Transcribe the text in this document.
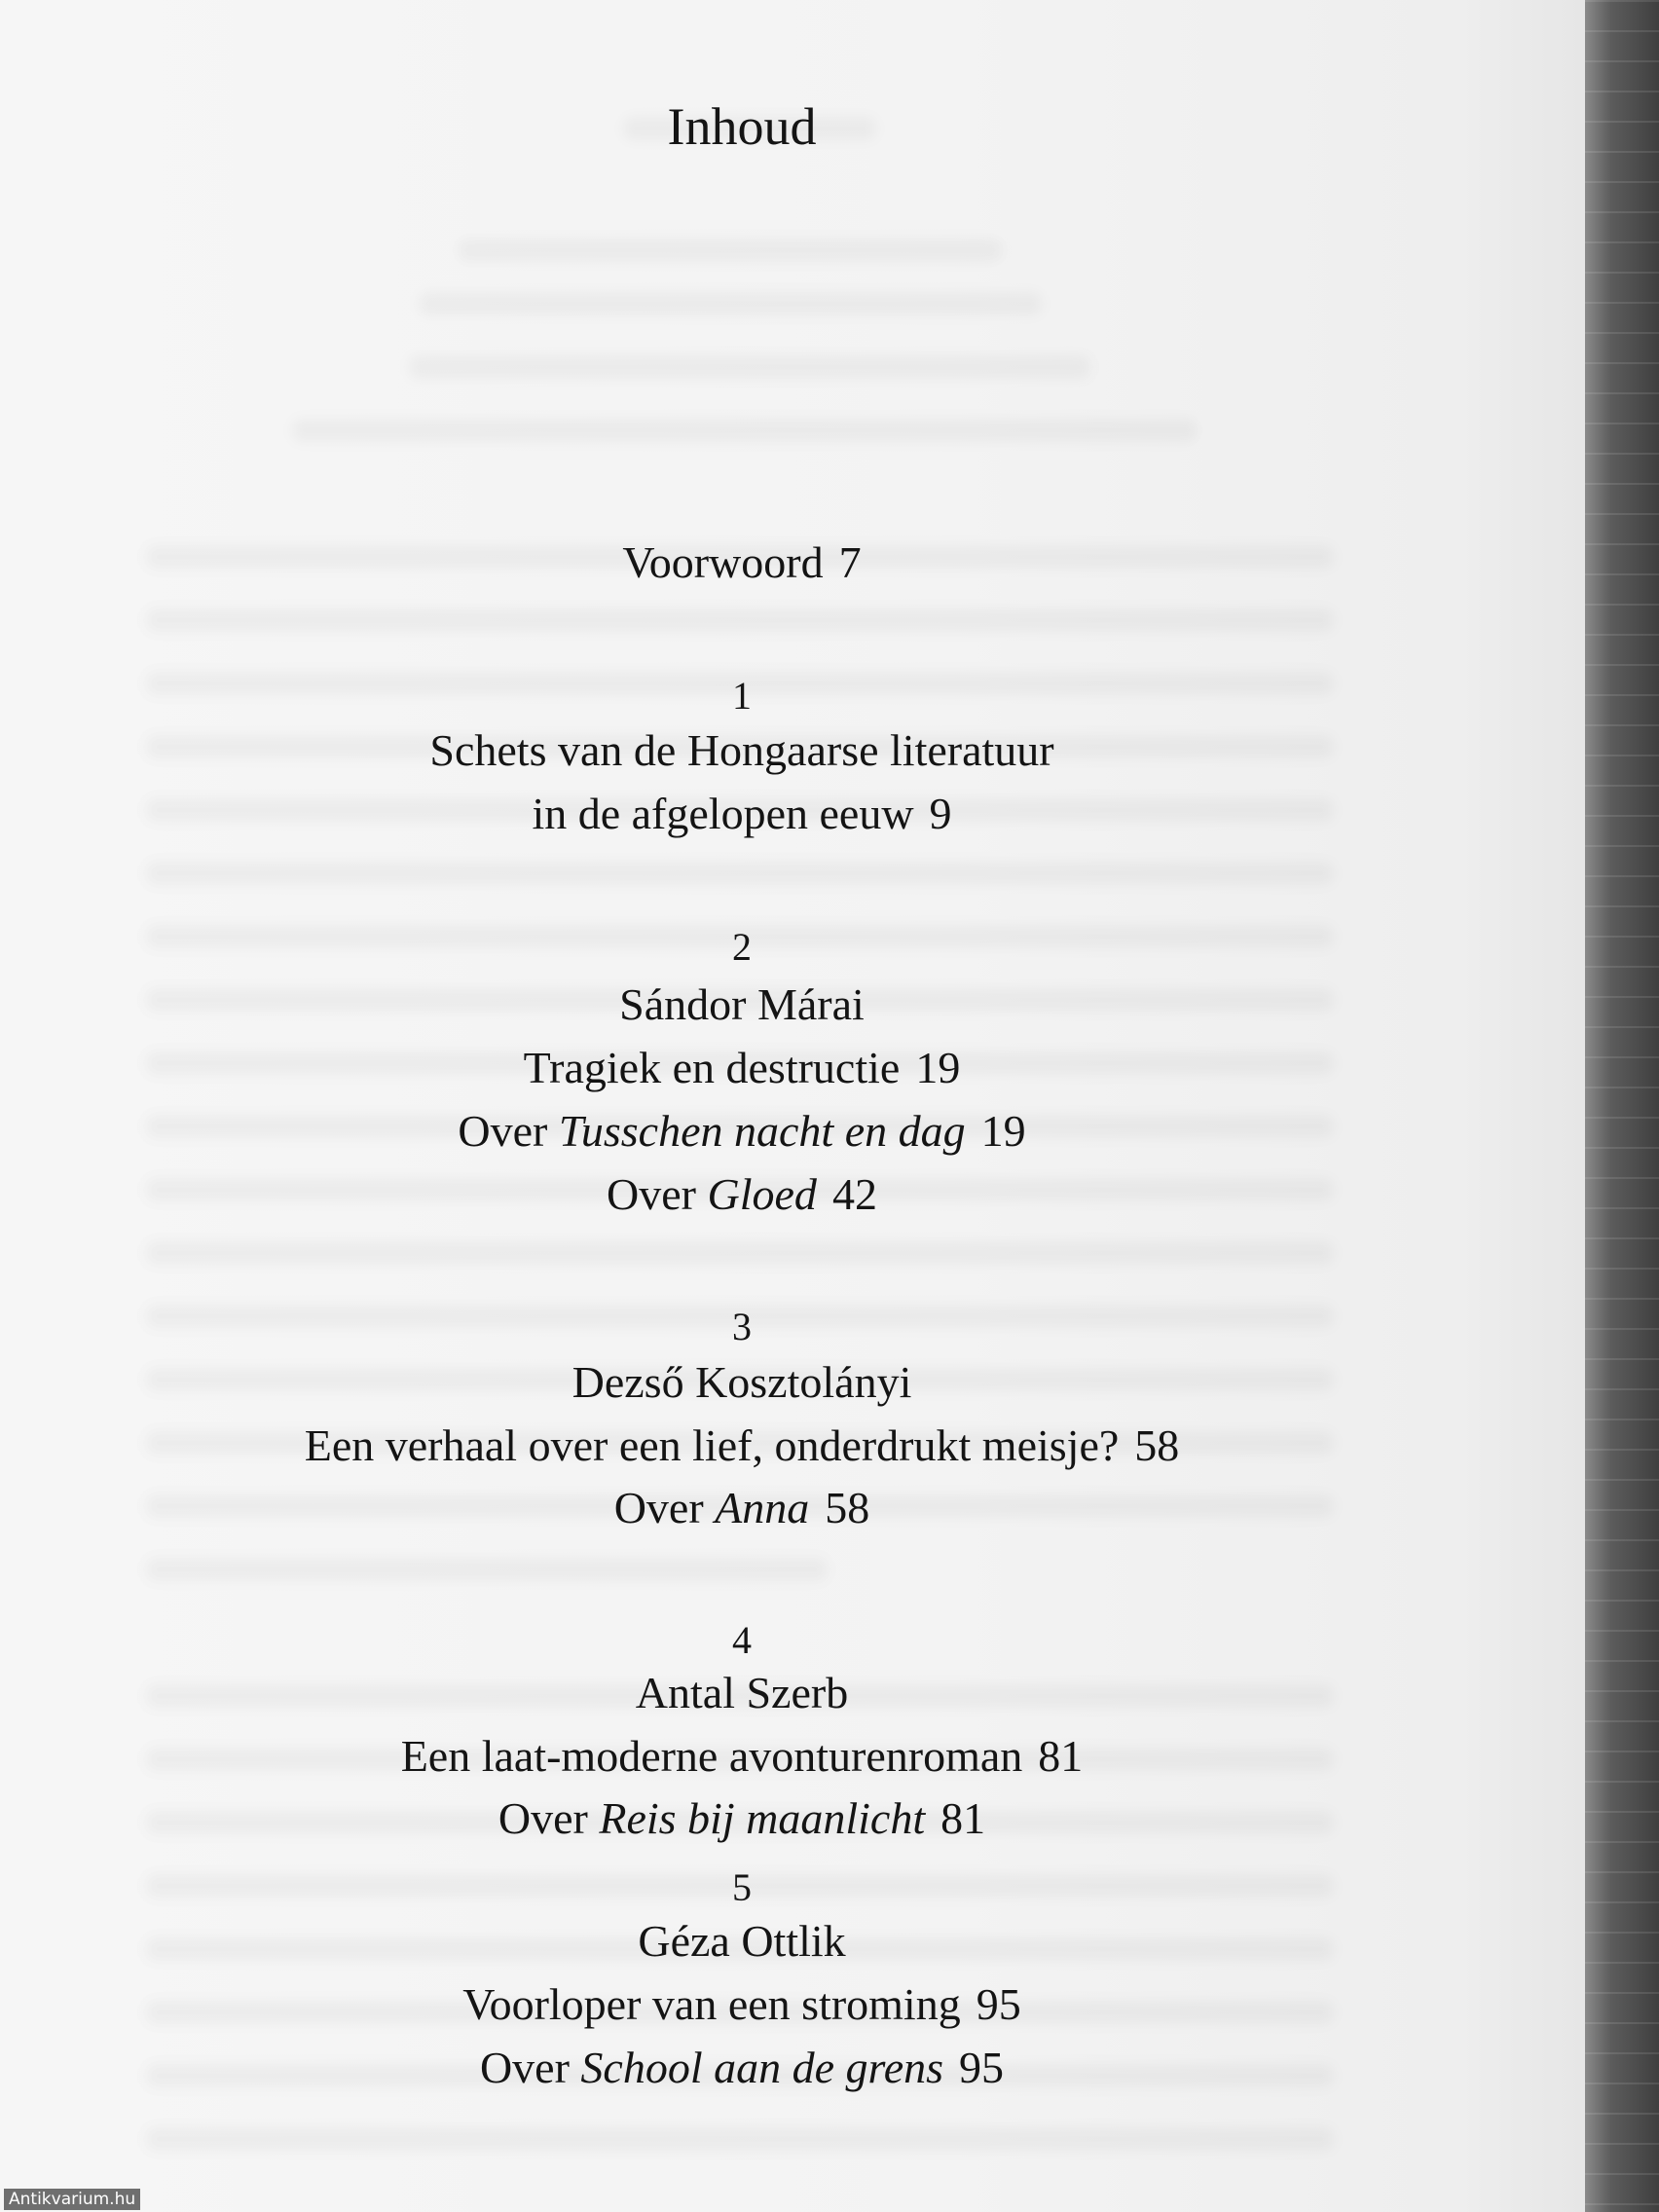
Inhoud
Voorwoord 7
1
Schets van de Hongaarse literatuur
in de afgelopen eeuw 9
2
Sándor Márai
Tragiek en destructie 19
Over Tusschen nacht en dag 19
Over Gloed 42
3
Dezső Kosztolányi
Een verhaal over een lief, onderdrukt meisje? 58
Over Anna 58
4
Antal Szerb
Een laat-moderne avonturenroman 81
Over Reis bij maanlicht 81
5
Géza Ottlik
Voorloper van een stroming 95
Over School aan de grens 95
Antikvarium.hu
